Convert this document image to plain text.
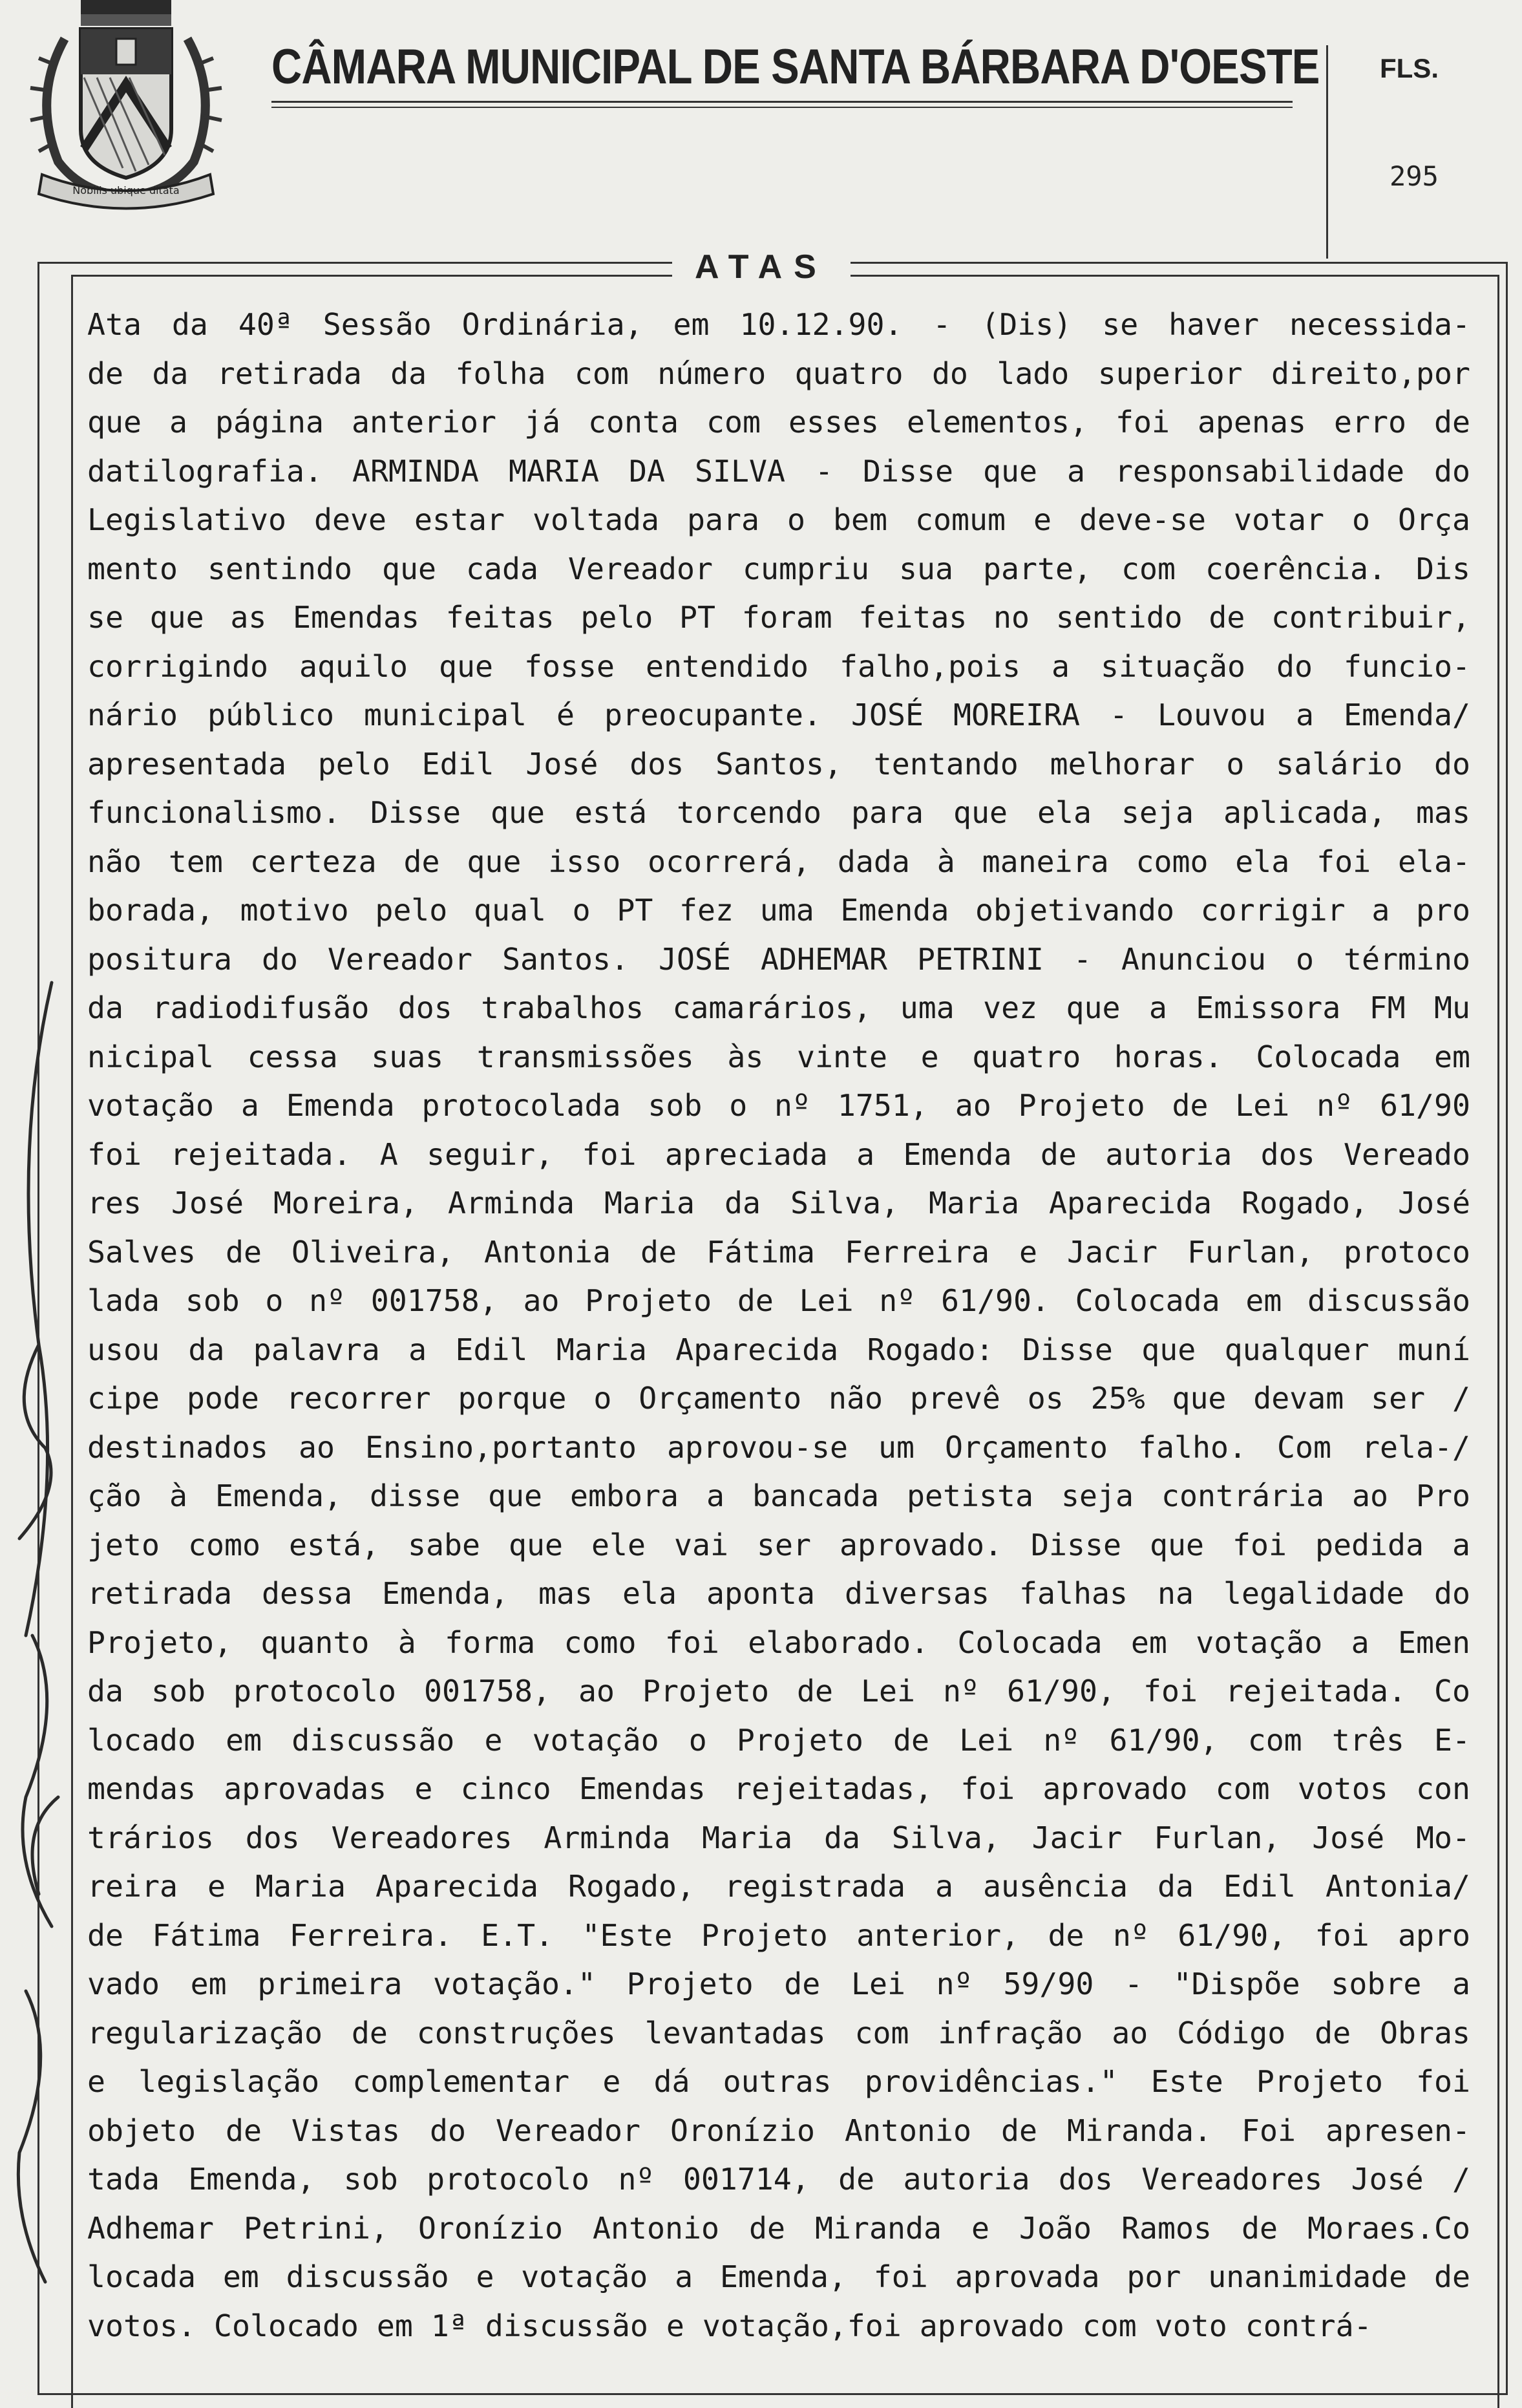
Nobilis ubique ditata
CÂMARA MUNICIPAL DE SANTA BÁRBARA D'OESTE FLS.
295
ATAS
Ata da 40ª Sessão Ordinária, em 10.12.90. - (Dis) se haver necessida-
de da retirada da folha com número quatro do lado superior direito,por
que a página anterior já conta com esses elementos, foi apenas erro de
datilografia. ARMINDA MARIA DA SILVA - Disse que a responsabilidade do
Legislativo deve estar voltada para o bem comum e deve-se votar o Orça
mento sentindo que cada Vereador cumpriu sua parte, com coerência. Dis
se que as Emendas feitas pelo PT foram feitas no sentido de contribuir,
corrigindo aquilo que fosse entendido falho,pois a situação do funcio-
nário público municipal é preocupante. JOSÉ MOREIRA - Louvou a Emenda/
apresentada pelo Edil José dos Santos, tentando melhorar o salário do
funcionalismo. Disse que está torcendo para que ela seja aplicada, mas
não tem certeza de que isso ocorrerá, dada à maneira como ela foi ela-
borada, motivo pelo qual o PT fez uma Emenda objetivando corrigir a pro
positura do Vereador Santos. JOSÉ ADHEMAR PETRINI - Anunciou o término
da radiodifusão dos trabalhos camarários, uma vez que a Emissora FM Mu
nicipal cessa suas transmissões às vinte e quatro horas. Colocada em
votação a Emenda protocolada sob o nº 1751, ao Projeto de Lei nº 61/90
foi rejeitada. A seguir, foi apreciada a Emenda de autoria dos Vereado
res José Moreira, Arminda Maria da Silva, Maria Aparecida Rogado, José
Salves de Oliveira, Antonia de Fátima Ferreira e Jacir Furlan, protoco
lada sob o nº 001758, ao Projeto de Lei nº 61/90. Colocada em discussão
usou da palavra a Edil Maria Aparecida Rogado: Disse que qualquer muní
cipe pode recorrer porque o Orçamento não prevê os 25% que devam ser /
destinados ao Ensino,portanto aprovou-se um Orçamento falho. Com rela-/
ção à Emenda, disse que embora a bancada petista seja contrária ao Pro
jeto como está, sabe que ele vai ser aprovado. Disse que foi pedida a
retirada dessa Emenda, mas ela aponta diversas falhas na legalidade do
Projeto, quanto à forma como foi elaborado. Colocada em votação a Emen
da sob protocolo 001758, ao Projeto de Lei nº 61/90, foi rejeitada. Co
locado em discussão e votação o Projeto de Lei nº 61/90, com três E-
mendas aprovadas e cinco Emendas rejeitadas, foi aprovado com votos con
trários dos Vereadores Arminda Maria da Silva, Jacir Furlan, José Mo-
reira e Maria Aparecida Rogado, registrada a ausência da Edil Antonia/
de Fátima Ferreira. E.T. "Este Projeto anterior, de nº 61/90, foi apro
vado em primeira votação." Projeto de Lei nº 59/90 - "Dispõe sobre a
regularização de construções levantadas com infração ao Código de Obras
e legislação complementar e dá outras providências." Este Projeto foi
objeto de Vistas do Vereador Oronízio Antonio de Miranda. Foi apresen-
tada Emenda, sob protocolo nº 001714, de autoria dos Vereadores José /
Adhemar Petrini, Oronízio Antonio de Miranda e João Ramos de Moraes.Co
locada em discussão e votação a Emenda, foi aprovada por unanimidade de
votos. Colocado em 1ª discussão e votação,foi aprovado com voto contrá-
